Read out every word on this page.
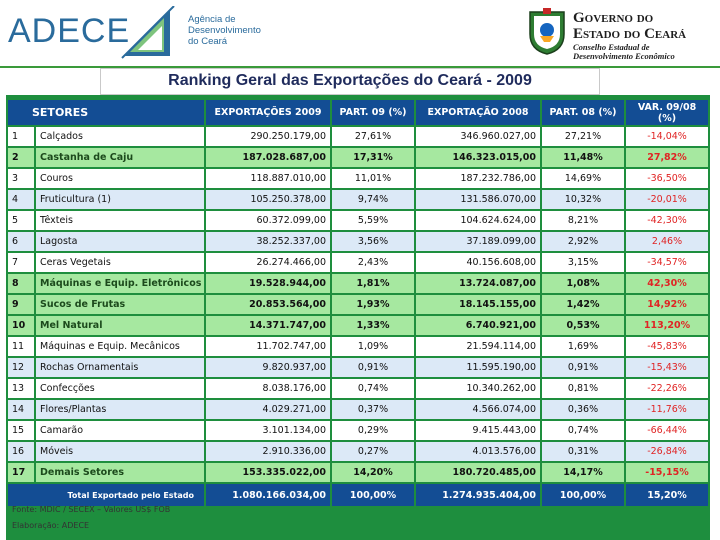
ADECE	Agência de
Desenvolvimento
do Ceará
Governo do
Estado do Ceará
Conselho Estadual de
Desenvolvimento Econômico
Ranking Geral das Exportações do Ceará - 2009
SETORES		EXPORTAÇÕES 2009	PART. 09 (%)	EXPORTAÇÃO 2008	PART. 08 (%)	VAR. 09/08 (%)
1	Calçados	290.250.179,00	27,61%	346.960.027,00	27,21%	-14,04%
2	Castanha de Caju	187.028.687,00	17,31%	146.323.015,00	11,48%	27,82%
3	Couros	118.887.010,00	11,01%	187.232.786,00	14,69%	-36,50%
4	Fruticultura (1)	105.250.378,00	9,74%	131.586.070,00	10,32%	-20,01%
5	Têxteis	60.372.099,00	5,59%	104.624.624,00	8,21%	-42,30%
6	Lagosta	38.252.337,00	3,56%	37.189.099,00	2,92%	2,46%
7	Ceras Vegetais	26.274.466,00	2,43%	40.156.608,00	3,15%	-34,57%
8	Máquinas e Equip. Eletrônicos	19.528.944,00	1,81%	13.724.087,00	1,08%	42,30%
9	Sucos de Frutas	20.853.564,00	1,93%	18.145.155,00	1,42%	14,92%
10	Mel Natural	14.371.747,00	1,33%	6.740.921,00	0,53%	113,20%
11	Máquinas e Equip. Mecânicos	11.702.747,00	1,09%	21.594.114,00	1,69%	-45,83%
12	Rochas Ornamentais	9.820.937,00	0,91%	11.595.190,00	0,91%	-15,43%
13	Confecções	8.038.176,00	0,74%	10.340.262,00	0,81%	-22,26%
14	Flores/Plantas	4.029.271,00	0,37%	4.566.074,00	0,36%	-11,76%
15	Camarão	3.101.134,00	0,29%	9.415.443,00	0,74%	-66,44%
16	Móveis	2.910.336,00	0,27%	4.013.576,00	0,31%	-26,84%
17	Demais Setores	153.335.022,00	14,20%	180.720.485,00	14,17%	-15,15%
Total Exportado pelo Estado		1.080.166.034,00	100,00%	1.274.935.404,00	100,00%	15,20%
Fonte: MDIC / SECEX – Valores US$ FOB
Elaboração: ADECE
